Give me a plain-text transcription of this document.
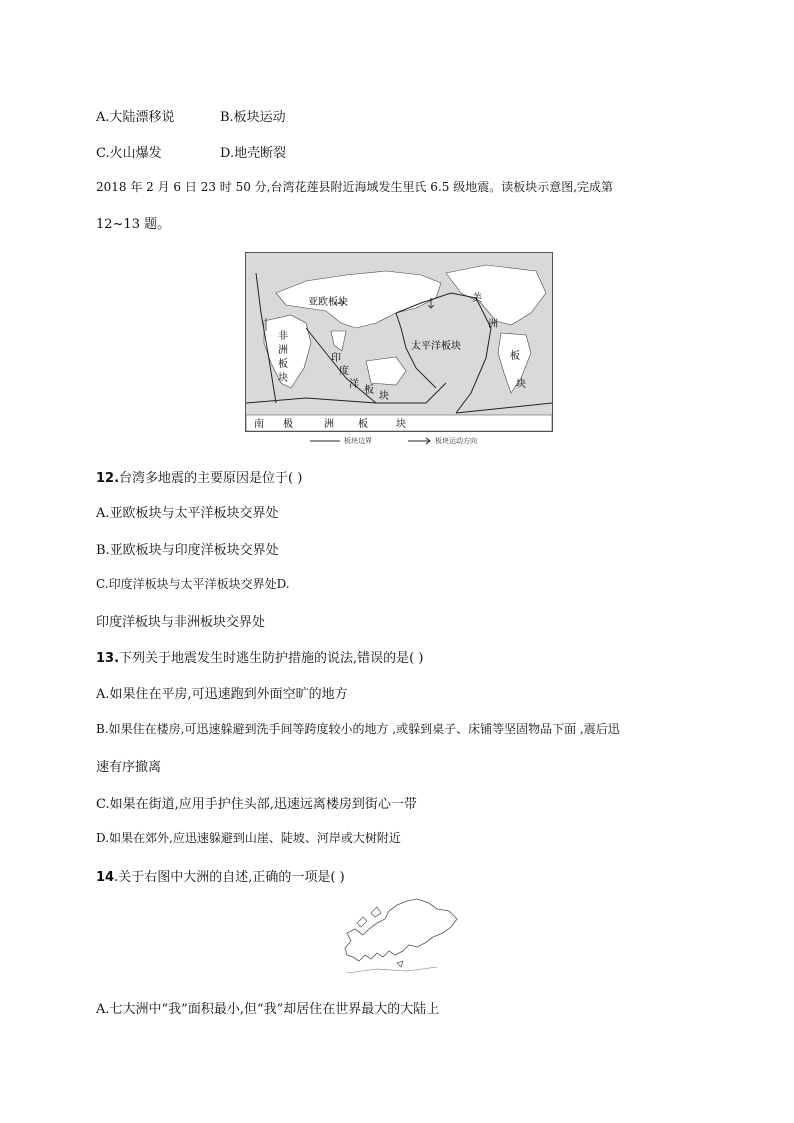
A.大陆漂移说	B.板块运动
C.火山爆发	D.地壳断裂
2018 年 2 月 6 日 23 时 50 分,台湾花莲县附近海域发生里氏 6.5 级地震。读板块示意图,完成第
12~13 题。
亚欧板块
非
洲
板
块
印
度
洋
板
块
太平洋板块
美
洲
板
块
南 极	洲 板	块
板块边界	板块运动方向
12.台湾多地震的主要原因是位于( )
A.亚欧板块与太平洋板块交界处
B.亚欧板块与印度洋板块交界处
C.印度洋板块与太平洋板块交界处D.
印度洋板块与非洲板块交界处
13.下列关于地震发生时逃生防护措施的说法,错误的是( )
A.如果住在平房,可迅速跑到外面空旷的地方
B.如果住在楼房,可迅速躲避到洗手间等跨度较小的地方 ,或躲到桌子、床铺等坚固物品下面 ,震后迅
速有序撤离
C.如果在街道,应用手护住头部,迅速远离楼房到街心一带
D.如果在郊外,应迅速躲避到山崖、陡坡、河岸或大树附近
14.关于右图中大洲的自述,正确的一项是( )
A.七大洲中“我”面积最小,但“我”却居住在世界最大的大陆上
